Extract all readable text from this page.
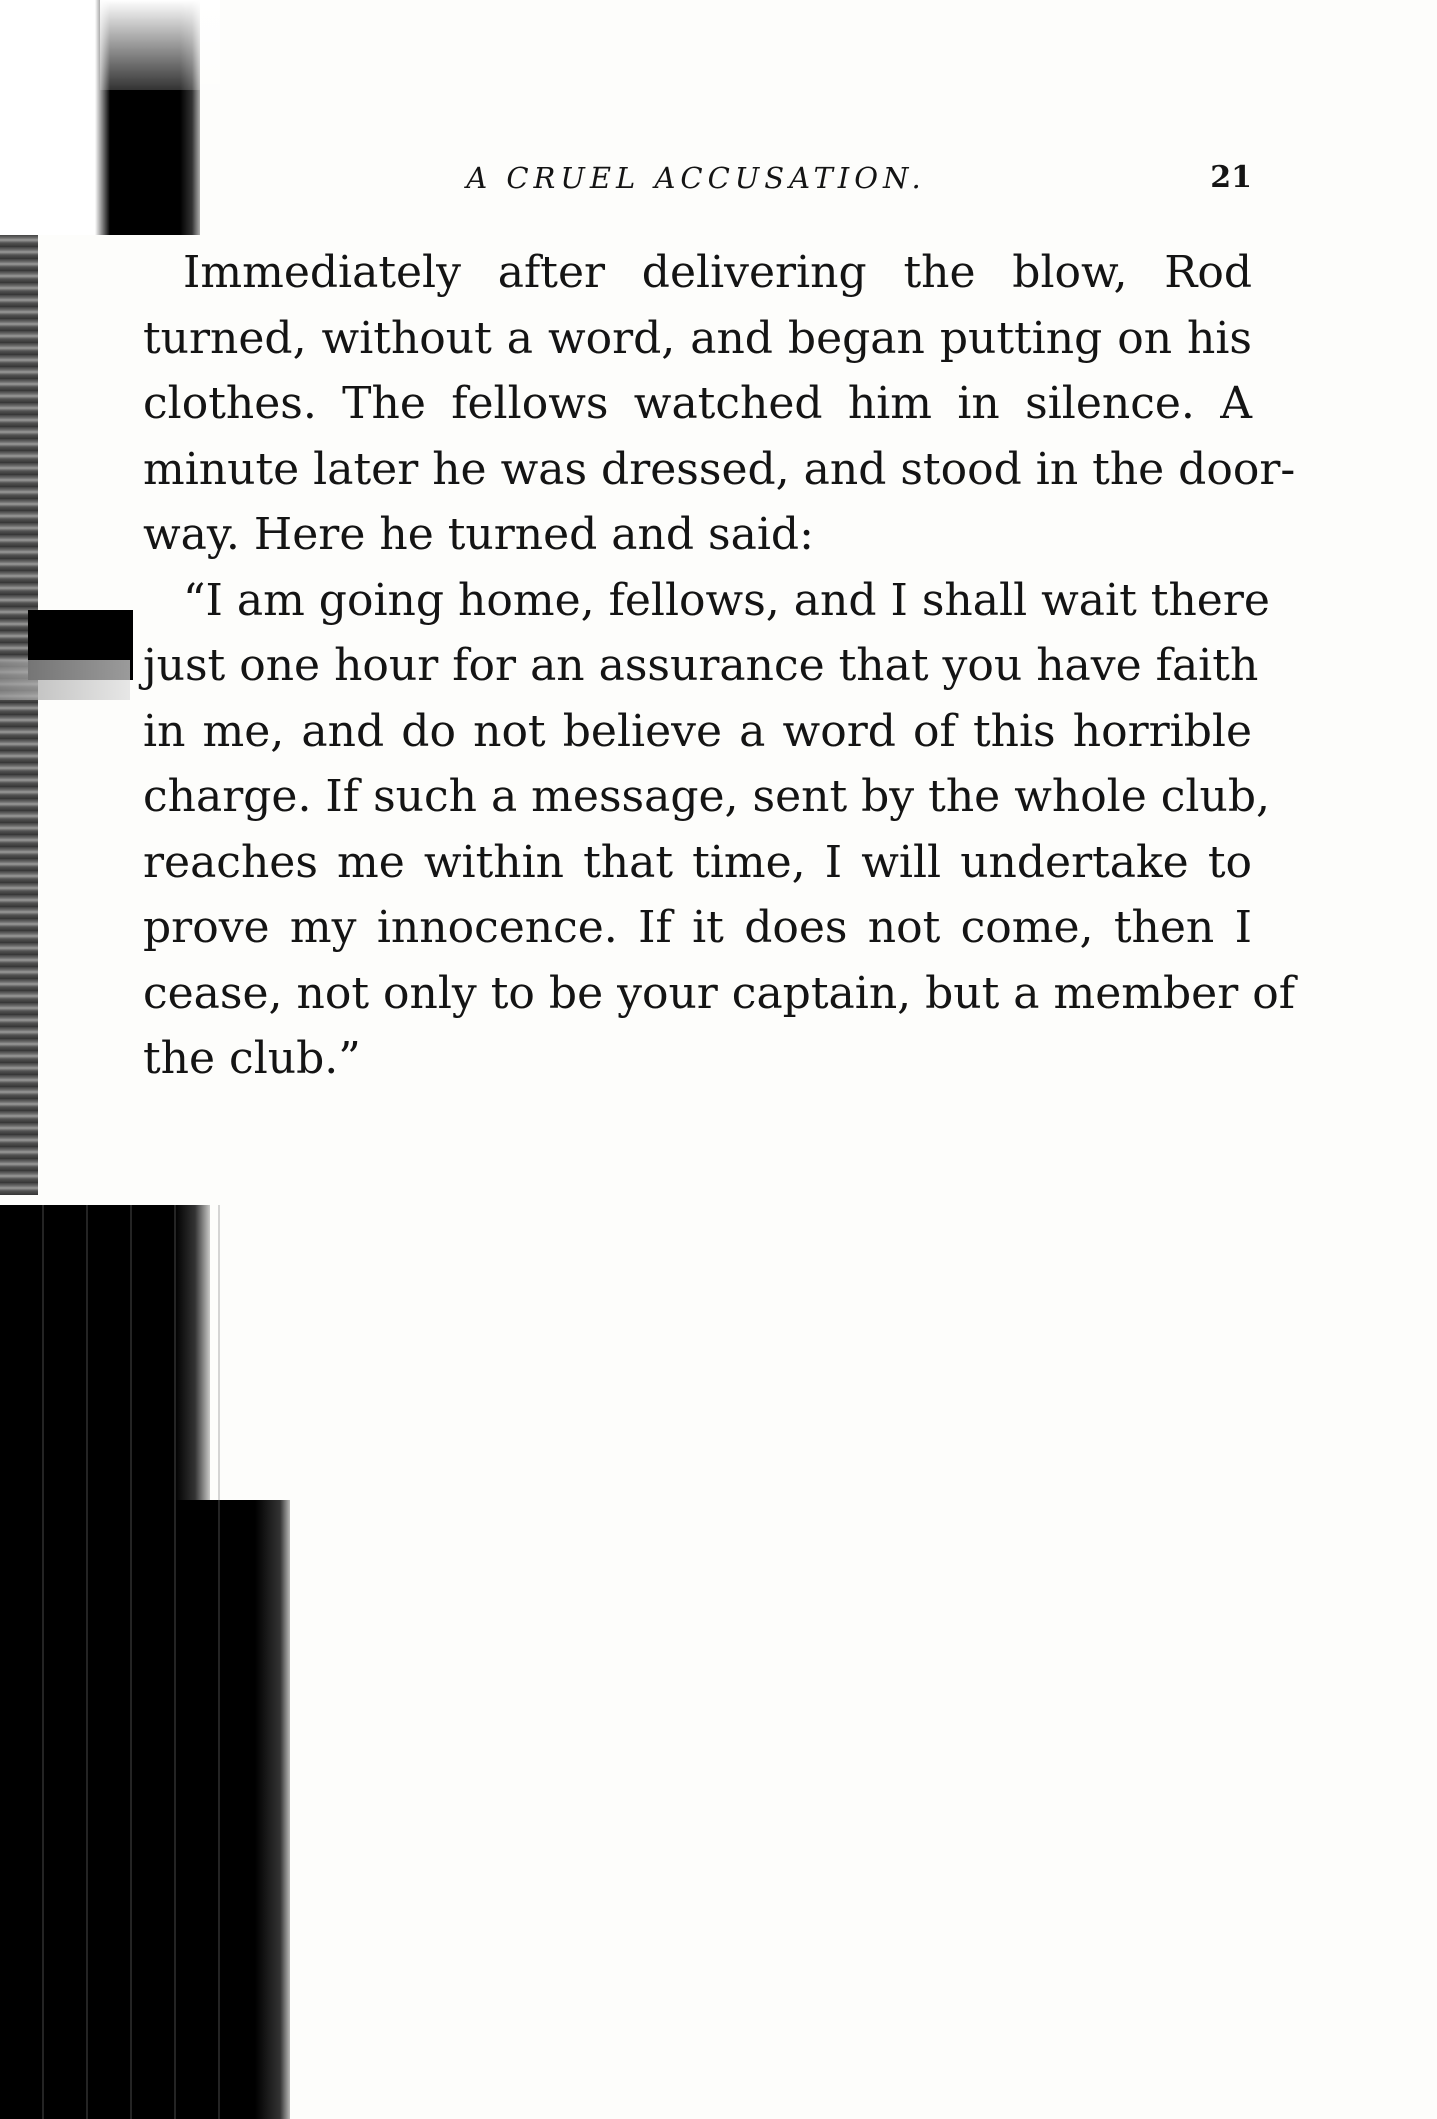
A CRUEL ACCUSATION.	21
Immediately after delivering the blow, Rod
turned, without a word, and began putting on his
clothes. The fellows watched him in silence. A
minute later he was dressed, and stood in the door-
way. Here he turned and said:
“I am going home, fellows, and I shall wait there
just one hour for an assurance that you have faith
in me, and do not believe a word of this horrible
charge. If such a message, sent by the whole club,
reaches me within that time, I will undertake to
prove my innocence. If it does not come, then I
cease, not only to be your captain, but a member of
the club.”
